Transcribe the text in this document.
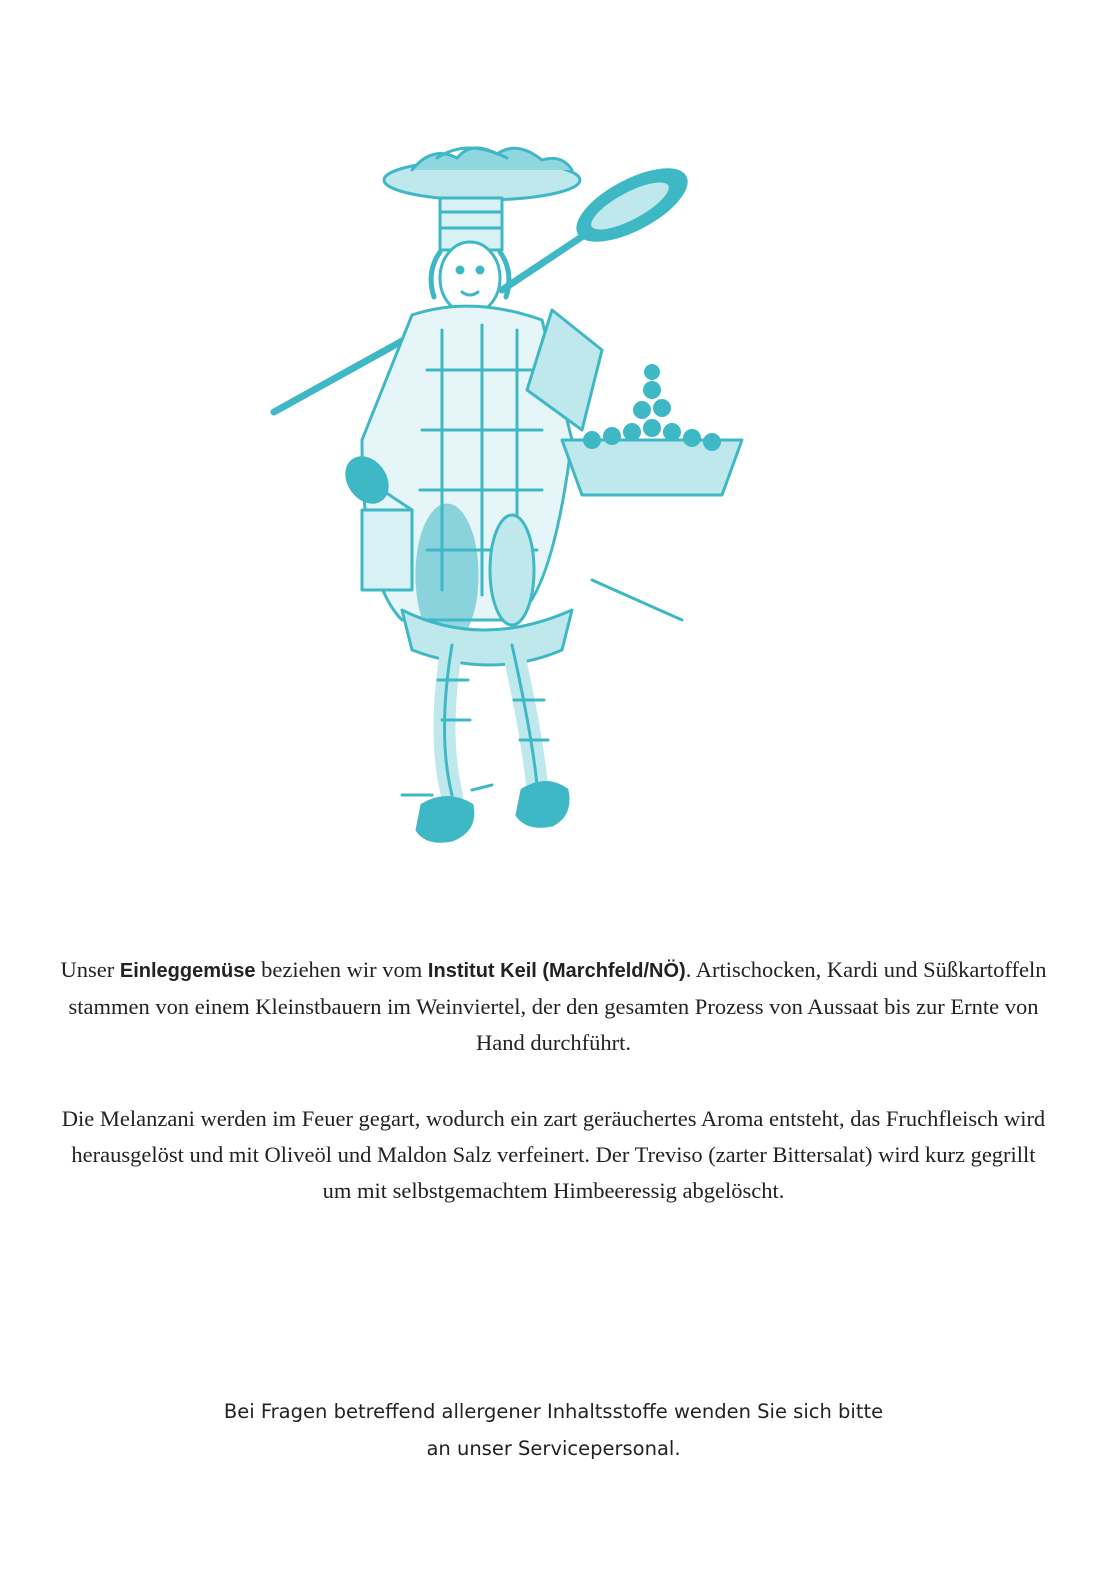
Unser Einleggemüse beziehen wir vom Institut Keil (Marchfeld/NÖ). Artischocken, Kardi und Süßkartoffeln stammen von einem Kleinstbauern im Weinviertel, der den gesamten Prozess von Aussaat bis zur Ernte von Hand durchführt.

Die Melanzani werden im Feuer gegart, wodurch ein zart geräuchertes Aroma entsteht, das Fruchfleisch wird herausgelöst und mit Oliveöl und Maldon Salz verfeinert. Der Treviso (zarter Bittersalat) wird kurz gegrillt um mit selbstgemachtem Himbeeressig abgelöscht.

Bei Fragen betreffend allergener Inhaltsstoffe wenden Sie sich bitte
an unser Servicepersonal.
